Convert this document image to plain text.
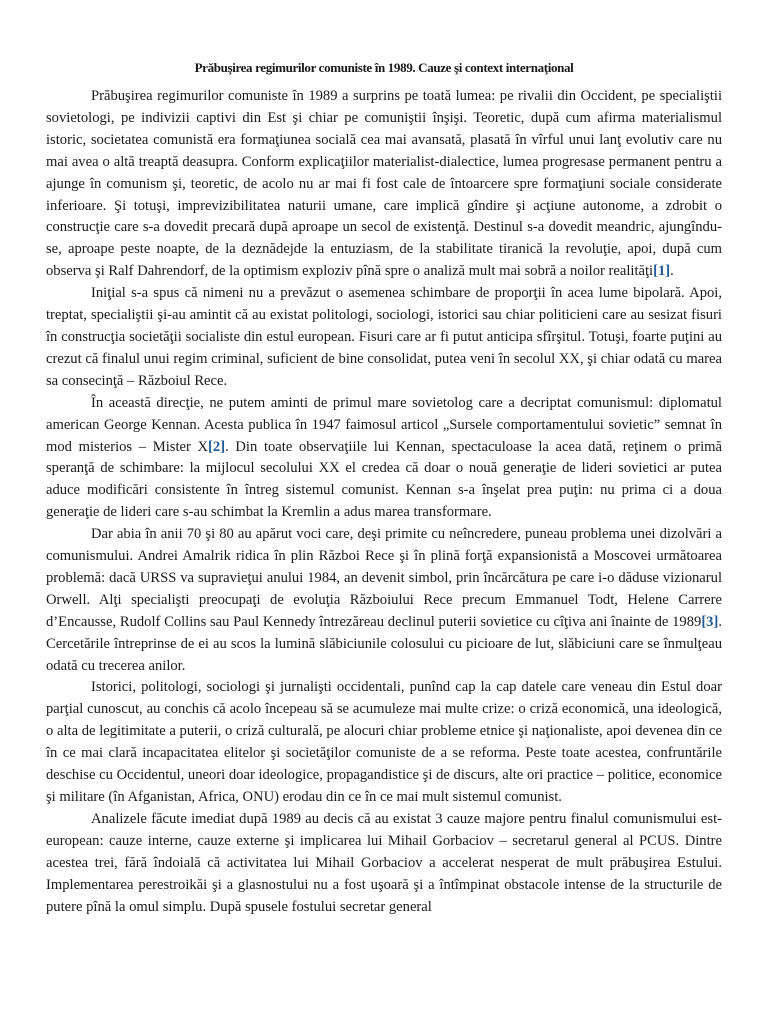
Prăbuşirea regimurilor comuniste în 1989. Cauze şi context internaţional

Prăbuşirea regimurilor comuniste în 1989 a surprins pe toată lumea: pe rivalii din Occident, pe specialiştii sovietologi, pe indivizii captivi din Est şi chiar pe comuniştii înşişi. Teoretic, după cum afirma materialismul istoric, societatea comunistă era formaţiunea socială cea mai avansată, plasată în vîrful unui lanţ evolutiv care nu mai avea o altă treaptă deasupra. Conform explicaţiilor materialist-dialectice, lumea progresase permanent pentru a ajunge în comunism şi, teoretic, de acolo nu ar mai fi fost cale de întoarcere spre formaţiuni sociale considerate inferioare. Şi totuşi, imprevizibilitatea naturii umane, care implică gîndire şi acţiune autonome, a zdrobit o construcţie care s-a dovedit precară după aproape un secol de existenţă. Destinul s-a dovedit meandric, ajungîndu-se, aproape peste noapte, de la deznădejde la entuziasm, de la stabilitate tiranică la revoluţie, apoi, după cum observa şi Ralf Dahrendorf, de la optimism exploziv pînă spre o analiză mult mai sobră a noilor realităţi[1].

Iniţial s-a spus că nimeni nu a prevăzut o asemenea schimbare de proporţii în acea lume bipolară. Apoi, treptat, specialiştii şi-au amintit că au existat politologi, sociologi, istorici sau chiar politicieni care au sesizat fisuri în construcţia societăţii socialiste din estul european. Fisuri care ar fi putut anticipa sfîrşitul. Totuşi, foarte puţini au crezut că finalul unui regim criminal, suficient de bine consolidat, putea veni în secolul XX, şi chiar odată cu marea sa consecinţă – Războiul Rece.

În această direcţie, ne putem aminti de primul mare sovietolog care a decriptat comunismul: diplomatul american George Kennan. Acesta publica în 1947 faimosul articol „Sursele comportamentului sovietic” semnat în mod misterios – Mister X[2]. Din toate observaţiile lui Kennan, spectaculoase la acea dată, reţinem o primă speranţă de schimbare: la mijlocul secolului XX el credea că doar o nouă generaţie de lideri sovietici ar putea aduce modificări consistente în întreg sistemul comunist. Kennan s-a înşelat prea puţin: nu prima ci a doua generaţie de lideri care s-au schimbat la Kremlin a adus marea transformare.

Dar abia în anii 70 şi 80 au apărut voci care, deşi primite cu neîncredere, puneau problema unei dizolvări a comunismului. Andrei Amalrik ridica în plin Război Rece şi în plină forţă expansionistă a Moscovei următoarea problemă: dacă URSS va supravieţui anului 1984, an devenit simbol, prin încărcătura pe care i-o dăduse vizionarul Orwell. Alţi specialişti preocupaţi de evoluţia Războiului Rece precum Emmanuel Todt, Helene Carrere d’Encausse, Rudolf Collins sau Paul Kennedy întrezăreau declinul puterii sovietice cu cîţiva ani înainte de 1989[3]. Cercetările întreprinse de ei au scos la lumină slăbiciunile colosului cu picioare de lut, slăbiciuni care se înmulţeau odată cu trecerea anilor.

Istorici, politologi, sociologi şi jurnalişti occidentali, punînd cap la cap datele care veneau din Estul doar parţial cunoscut, au conchis că acolo începeau să se acumuleze mai multe crize: o criză economică, una ideologică, o alta de legitimitate a puterii, o criză culturală, pe alocuri chiar probleme etnice şi naţionaliste, apoi devenea din ce în ce mai clară incapacitatea elitelor şi societăţilor comuniste de a se reforma. Peste toate acestea, confruntările deschise cu Occidentul, uneori doar ideologice, propagandistice şi de discurs, alte ori practice – politice, economice şi militare (în Afganistan, Africa, ONU) erodau din ce în ce mai mult sistemul comunist.

Analizele făcute imediat după 1989 au decis că au existat 3 cauze majore pentru finalul comunismului est-european: cauze interne, cauze externe şi implicarea lui Mihail Gorbaciov – secretarul general al PCUS. Dintre acestea trei, fără îndoială că activitatea lui Mihail Gorbaciov a accelerat nesperat de mult prăbuşirea Estului. Implementarea perestroikăi şi a glasnostului nu a fost uşoară şi a întîmpinat obstacole intense de la structurile de putere pînă la omul simplu. După spusele fostului secretar general
